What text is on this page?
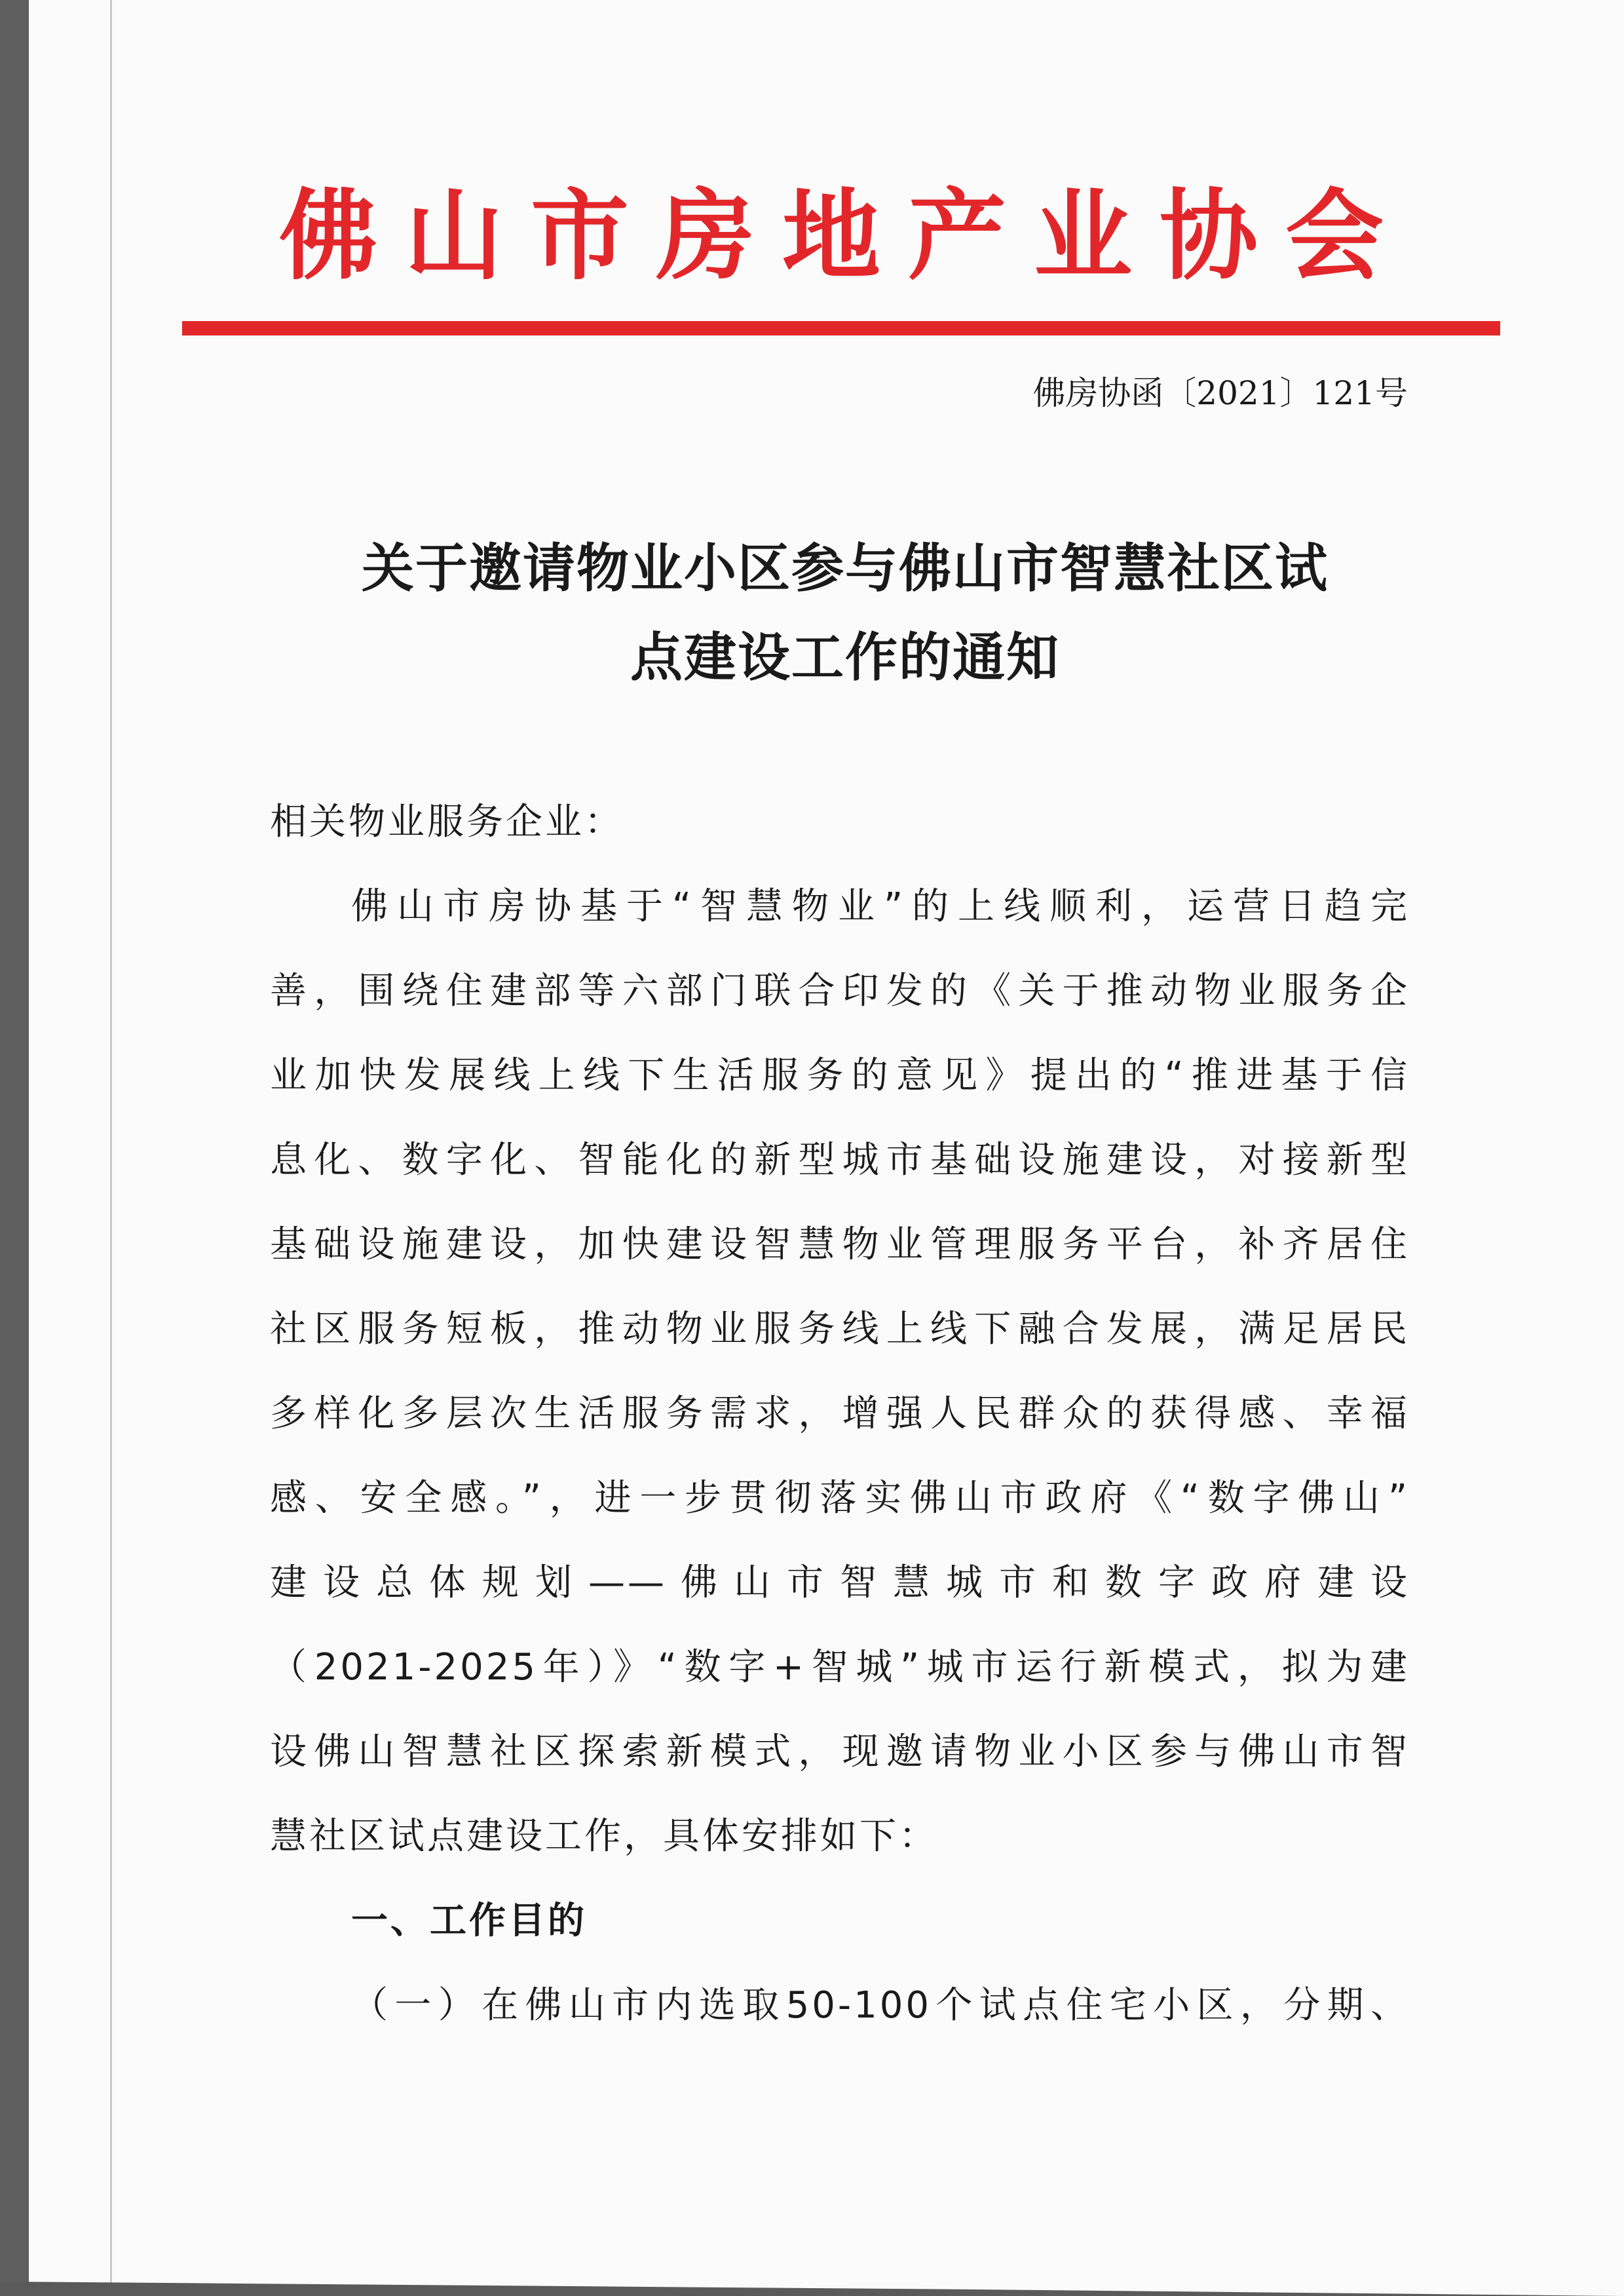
佛山市房地产业协会
佛房协函〔2021〕121号
关于邀请物业小区参与佛山市智慧社区试
点建设工作的通知
相关物业服务企业：
佛山市房协基于“智慧物业”的上线顺利，运营日趋完
善，围绕住建部等六部门联合印发的《关于推动物业服务企
业加快发展线上线下生活服务的意见》提出的“推进基于信
息化、数字化、智能化的新型城市基础设施建设，对接新型
基础设施建设，加快建设智慧物业管理服务平台，补齐居住
社区服务短板，推动物业服务线上线下融合发展，满足居民
多样化多层次生活服务需求，增强人民群众的获得感、幸福
感、安全感。”，进一步贯彻落实佛山市政府《“数字佛山”
建设总体规划——佛山市智慧城市和数字政府建设
（2021-2025年）》“数字+智城”城市运行新模式，拟为建
设佛山智慧社区探索新模式，现邀请物业小区参与佛山市智
慧社区试点建设工作，具体安排如下：
一、工作目的
（一）在佛山市内选取50-100个试点住宅小区，分期、
